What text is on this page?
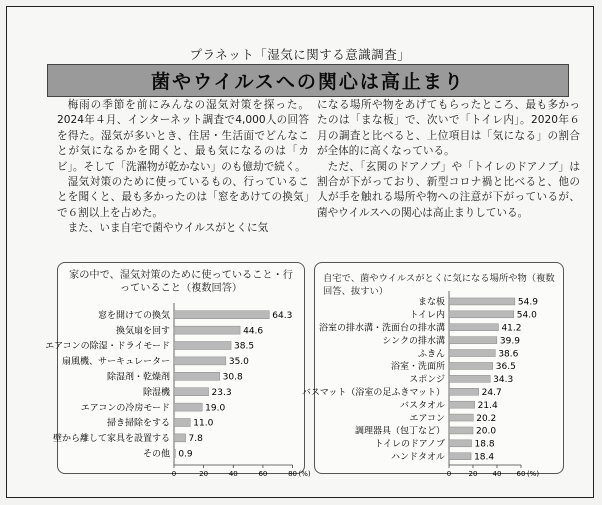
プラネット「湿気に関する意識調査」
菌やウイルスへの関心は高止まり

梅雨の季節を前にみんなの湿気対策を探った。2024年４月、インターネット調査で4,000人の回答を得た。湿気が多いとき、住居・生活面でどんなことが気になるかを聞くと、最も気になるのは「カビ」。そして「洗濯物が乾かない」のも億劫で続く。

湿気対策のために使っているもの、行っていることを聞くと、最も多かったのは「窓をあけての換気」で６割以上を占めた。

また、いま自宅で菌やウイルスがとくに気

になる場所や物をあげてもらったところ、最も多かったのは「まな板」で、次いで「トイレ内」。2020年６月の調査と比べると、上位項目は「気になる」の割合が全体的に高くなっている。

ただ、「玄関のドアノブ」や「トイレのドアノブ」は割合が下がっており、新型コロナ禍と比べると、他の人が手を触れる場所や物への注意が下がっているが、菌やウイルスへの関心は高止まりしている。

家の中で、湿気対策のために使っていること・行っていること（複数回答）
窓を開けての換気	64.3
換気扇を回す	44.6
エアコンの除湿・ドライモード	38.5
扇風機、サーキュレーター	35.0
除湿剤・乾燥剤	30.8
除湿機	23.3
エアコンの冷房モード	19.0
掃き掃除をする	11.0
壁から離して家具を設置する 7.8
その他 0.9
0	20	40	60	80 (%)
自宅で、菌やウイルスがとくに気になる場所や物（複数回答、抜すい）
まな板	54.9
トイレ内	54.0
浴室の排水溝・洗面台の排水溝	41.2
シンクの排水溝	39.9
ふきん	38.6
浴室・洗面所	36.5
スポンジ	34.3
バスマット（浴室の足ふきマット）	24.7
バスタオル	21.4
エアコン	20.2
調理器具（包丁など）	20.0
トイレのドアノブ	18.8
ハンドタオル	18.4
0 20 40 60 (%)
